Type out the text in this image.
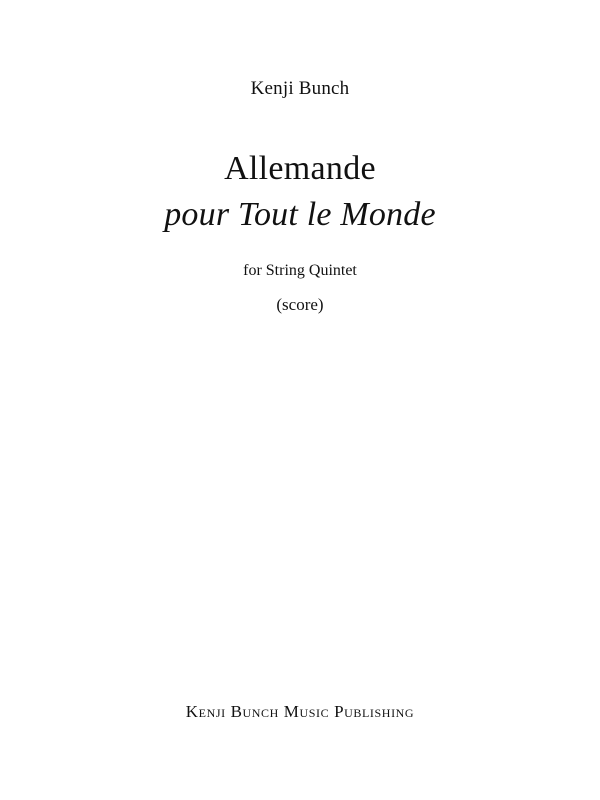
Kenji Bunch
Allemande
pour Tout le Monde
for String Quintet
(score)
Kenji Bunch Music Publishing
